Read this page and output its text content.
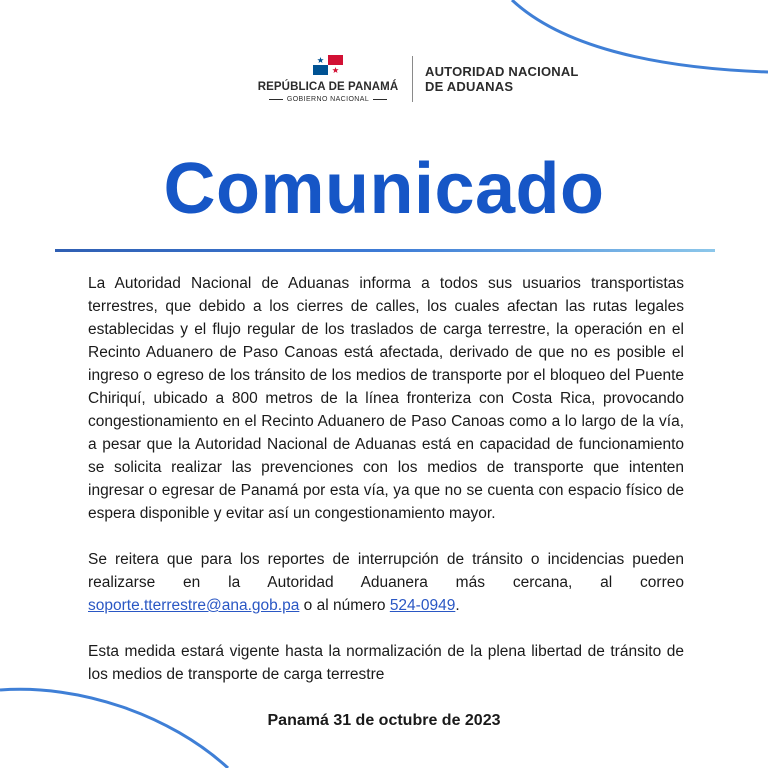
REPÚBLICA DE PANAMÁ
GOBIERNO NACIONAL
AUTORIDAD NACIONAL
DE ADUANAS
Comunicado

La Autoridad Nacional de Aduanas informa a todos sus usuarios transportistas terrestres, que debido a los cierres de calles, los cuales afectan las rutas legales establecidas y el flujo regular de los traslados de carga terrestre, la operación en el Recinto Aduanero de Paso Canoas está afectada, derivado de que no es posible el ingreso o egreso de los tránsito de los medios de transporte por el bloqueo del Puente Chiriquí, ubicado a 800 metros de la línea fronteriza con Costa Rica, provocando congestionamiento en el Recinto Aduanero de Paso Canoas como a lo largo de la vía, a pesar que la Autoridad Nacional de Aduanas está en capacidad de funcionamiento se solicita realizar las prevenciones con los medios de transporte que intenten ingresar o egresar de Panamá por esta vía, ya que no se cuenta con espacio físico de espera disponible y evitar así un congestionamiento mayor.

Se reitera que para los reportes de interrupción de tránsito o incidencias pueden realizarse en la Autoridad Aduanera más cercana, al correo soporte.tterrestre@ana.gob.pa o al número 524-0949.

Esta medida estará vigente hasta la normalización de la plena libertad de tránsito de los medios de transporte de carga terrestre

Panamá 31 de octubre de 2023
